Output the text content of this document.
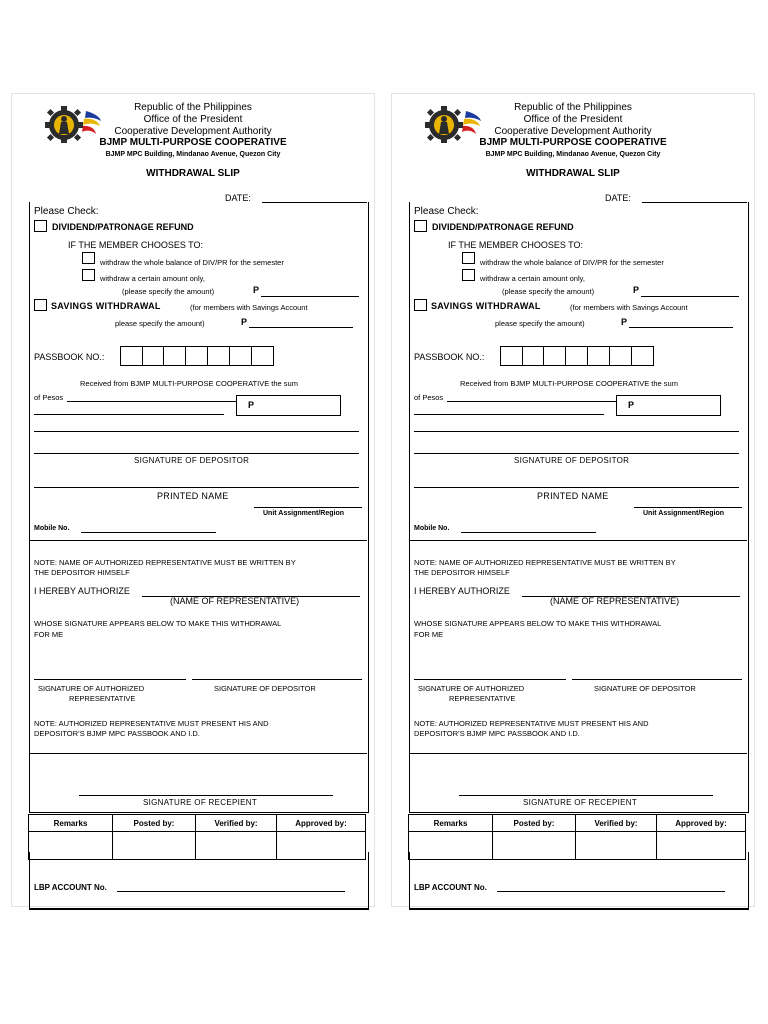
Republic of the Philippines
Office of the President
Cooperative Development Authority
BJMP MULTI-PURPOSE COOPERATIVE
BJMP MPC Building, Mindanao Avenue, Quezon City
WITHDRAWAL SLIP
DATE:
Please Check:
DIVIDEND/PATRONAGE REFUND
IF THE MEMBER CHOOSES TO:
withdraw the whole balance of DIV/PR for the semester
withdraw a certain amount only,
(please specify the amount)	P
SAVINGS WITHDRAWAL	(for members with Savings Account
please specify the amount)	P
PASSBOOK NO.:
Received from BJMP MULTI-PURPOSE COOPERATIVE the sum
of Pesos
P
SIGNATURE OF DEPOSITOR
PRINTED NAME
Unit Assignment/Region
Mobile No.
NOTE: NAME OF AUTHORIZED REPRESENTATIVE MUST BE WRITTEN BY
THE DEPOSITOR HIMSELF
I HEREBY AUTHORIZE
(NAME OF REPRESENTATIVE)
WHOSE SIGNATURE APPEARS BELOW TO MAKE THIS WITHDRAWAL
FOR ME
SIGNATURE OF AUTHORIZED
REPRESENTATIVE
SIGNATURE OF DEPOSITOR
NOTE: AUTHORIZED REPRESENTATIVE MUST PRESENT HIS AND
DEPOSITOR’S BJMP MPC PASSBOOK AND I.D.
SIGNATURE OF RECEPIENT
Remarks	Posted by:	Verified by:	Approved by:

LBP ACCOUNT No.
Republic of the Philippines
Office of the President
Cooperative Development Authority
BJMP MULTI-PURPOSE COOPERATIVE
BJMP MPC Building, Mindanao Avenue, Quezon City
WITHDRAWAL SLIP
DATE:
Please Check:
DIVIDEND/PATRONAGE REFUND
IF THE MEMBER CHOOSES TO:
withdraw the whole balance of DIV/PR for the semester
withdraw a certain amount only,
(please specify the amount)	P
SAVINGS WITHDRAWAL	(for members with Savings Account
please specify the amount)	P
PASSBOOK NO.:
Received from BJMP MULTI-PURPOSE COOPERATIVE the sum
of Pesos
P
SIGNATURE OF DEPOSITOR
PRINTED NAME
Unit Assignment/Region
Mobile No.
NOTE: NAME OF AUTHORIZED REPRESENTATIVE MUST BE WRITTEN BY
THE DEPOSITOR HIMSELF
I HEREBY AUTHORIZE
(NAME OF REPRESENTATIVE)
WHOSE SIGNATURE APPEARS BELOW TO MAKE THIS WITHDRAWAL
FOR ME
SIGNATURE OF AUTHORIZED
REPRESENTATIVE
SIGNATURE OF DEPOSITOR
NOTE: AUTHORIZED REPRESENTATIVE MUST PRESENT HIS AND
DEPOSITOR’S BJMP MPC PASSBOOK AND I.D.
SIGNATURE OF RECEPIENT
Remarks	Posted by:	Verified by:	Approved by:

LBP ACCOUNT No.
